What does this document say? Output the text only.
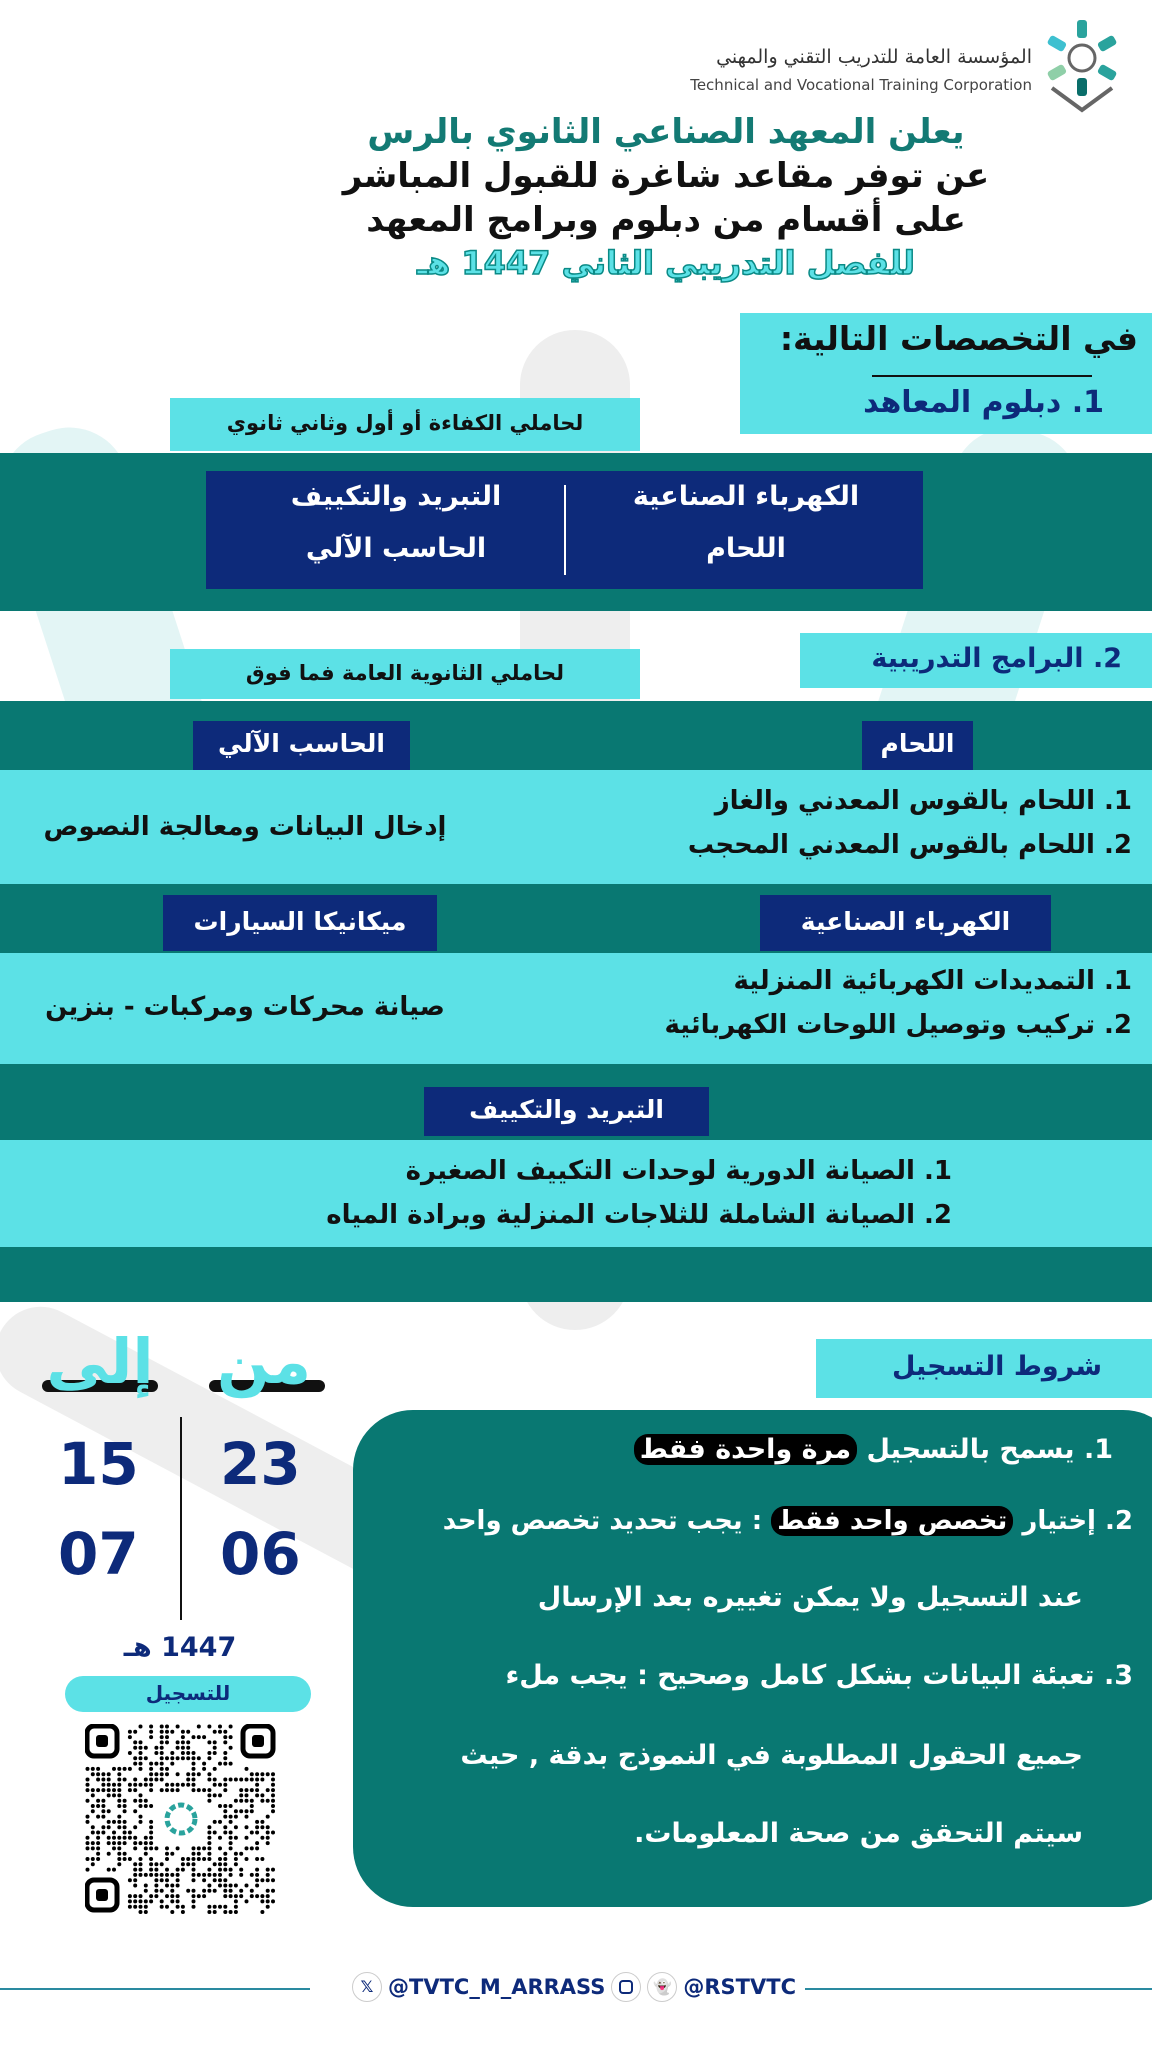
المؤسسة العامة للتدريب التقني والمهني
Technical and Vocational Training Corporation
يعلن المعهد الصناعي الثانوي بالرس
عن توفر مقاعد شاغرة للقبول المباشر
على أقسام من دبلوم وبرامج المعهد
للفصل التدريبي الثاني 1447 هـ
في التخصصات التالية:
1. دبلوم المعاهد
لحاملي الكفاءة أو أول وثاني ثانوي
الكهرباء الصناعية
اللحام
التبريد والتكييف
الحاسب الآلي
2. البرامج التدريبية
لحاملي الثانوية العامة فما فوق
اللحام
الحاسب الآلي
1. اللحام بالقوس المعدني والغاز
2. اللحام بالقوس المعدني المحجب
إدخال البيانات ومعالجة النصوص
الكهرباء الصناعية
ميكانيكا السيارات
1. التمديدات الكهربائية المنزلية
2. تركيب وتوصيل اللوحات الكهربائية
صيانة محركات ومركبات - بنزين
التبريد والتكييف
1. الصيانة الدورية لوحدات التكييف الصغيرة
2. الصيانة الشاملة للثلاجات المنزلية وبرادة المياه
شروط التسجيل
1. يسمح بالتسجيل مرة واحدة فقط
2. إختيار تخصص واحد فقط : يجب تحديد تخصص واحد
عند التسجيل ولا يمكن تغييره بعد الإرسال
3. تعبئة البيانات بشكل كامل وصحيح : يجب ملء
جميع الحقول المطلوبة في النموذج بدقة , حيث
سيتم التحقق من صحة المعلومات.
من
إلى
23
06
15
07
1447 هـ
للتسجيل
𝕏 @TVTC_M_ARRASS	👻 @RSTVTC
